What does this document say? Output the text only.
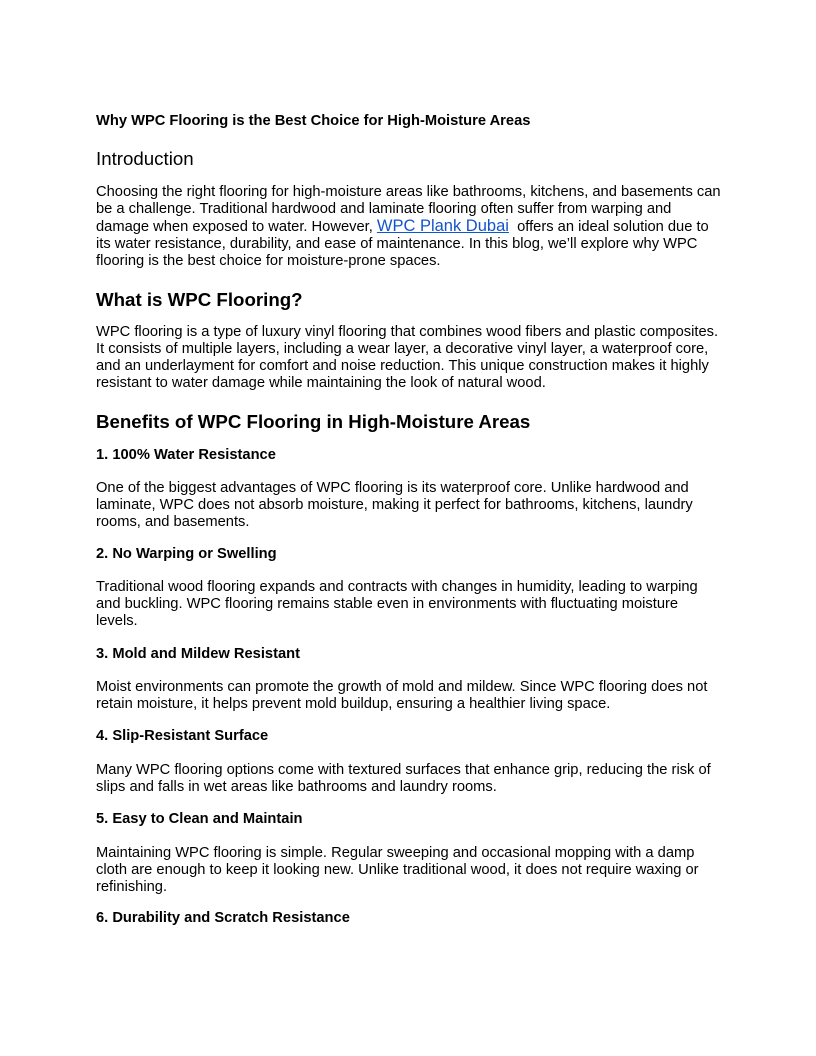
Why WPC Flooring is the Best Choice for High-Moisture Areas
Introduction
Choosing the right flooring for high-moisture areas like bathrooms, kitchens, and basements can
be a challenge. Traditional hardwood and laminate flooring often suffer from warping and
damage when exposed to water. However, WPC Plank Dubai  offers an ideal solution due to
its water resistance, durability, and ease of maintenance. In this blog, we’ll explore why WPC
flooring is the best choice for moisture-prone spaces.
What is WPC Flooring?
WPC flooring is a type of luxury vinyl flooring that combines wood fibers and plastic composites.
It consists of multiple layers, including a wear layer, a decorative vinyl layer, a waterproof core,
and an underlayment for comfort and noise reduction. This unique construction makes it highly
resistant to water damage while maintaining the look of natural wood.
Benefits of WPC Flooring in High-Moisture Areas
1. 100% Water Resistance
One of the biggest advantages of WPC flooring is its waterproof core. Unlike hardwood and
laminate, WPC does not absorb moisture, making it perfect for bathrooms, kitchens, laundry
rooms, and basements.
2. No Warping or Swelling
Traditional wood flooring expands and contracts with changes in humidity, leading to warping
and buckling. WPC flooring remains stable even in environments with fluctuating moisture
levels.
3. Mold and Mildew Resistant
Moist environments can promote the growth of mold and mildew. Since WPC flooring does not
retain moisture, it helps prevent mold buildup, ensuring a healthier living space.
4. Slip-Resistant Surface
Many WPC flooring options come with textured surfaces that enhance grip, reducing the risk of
slips and falls in wet areas like bathrooms and laundry rooms.
5. Easy to Clean and Maintain
Maintaining WPC flooring is simple. Regular sweeping and occasional mopping with a damp
cloth are enough to keep it looking new. Unlike traditional wood, it does not require waxing or
refinishing.
6. Durability and Scratch Resistance
